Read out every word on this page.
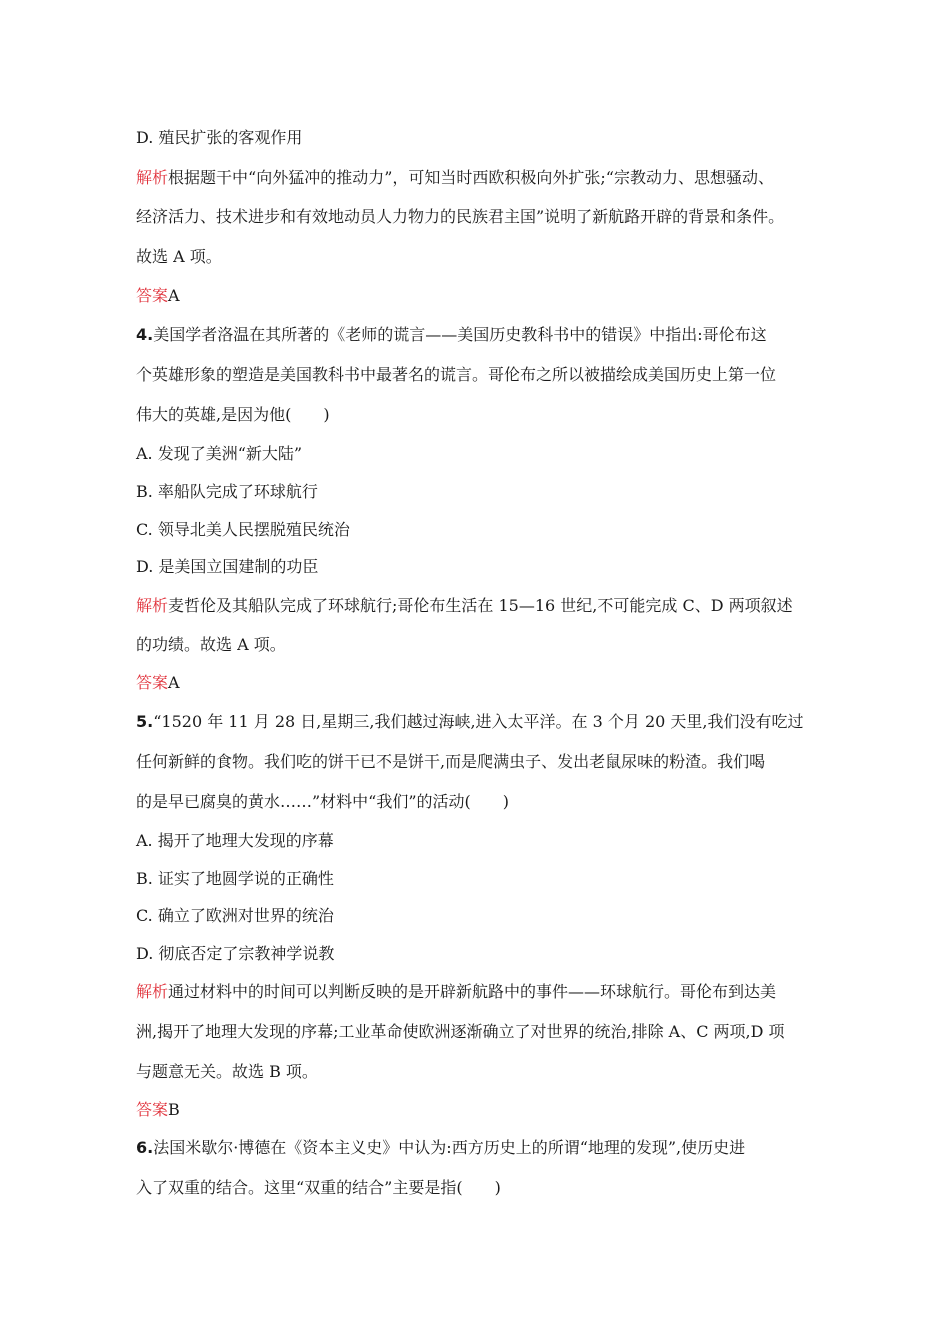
D. 殖民扩张的客观作用
解析根据题干中“向外猛冲的推动力”，可知当时西欧积极向外扩张;“宗教动力、思想骚动、
经济活力、技术进步和有效地动员人力物力的民族君主国”说明了新航路开辟的背景和条件。
故选 A 项。
答案A
4.美国学者洛温在其所著的《老师的谎言——美国历史教科书中的错误》中指出:哥伦布这
个英雄形象的塑造是美国教科书中最著名的谎言。哥伦布之所以被描绘成美国历史上第一位
伟大的英雄,是因为他(　　)
A. 发现了美洲“新大陆”
B. 率船队完成了环球航行
C. 领导北美人民摆脱殖民统治
D. 是美国立国建制的功臣
解析麦哲伦及其船队完成了环球航行;哥伦布生活在 15—16 世纪,不可能完成 C、D 两项叙述
的功绩。故选 A 项。
答案A
5.“1520 年 11 月 28 日,星期三,我们越过海峡,进入太平洋。在 3 个月 20 天里,我们没有吃过
任何新鲜的食物。我们吃的饼干已不是饼干,而是爬满虫子、发出老鼠尿味的粉渣。我们喝
的是早已腐臭的黄水……”材料中“我们”的活动(　　)
A. 揭开了地理大发现的序幕
B. 证实了地圆学说的正确性
C. 确立了欧洲对世界的统治
D. 彻底否定了宗教神学说教
解析通过材料中的时间可以判断反映的是开辟新航路中的事件——环球航行。哥伦布到达美
洲,揭开了地理大发现的序幕;工业革命使欧洲逐渐确立了对世界的统治,排除 A、C 两项,D 项
与题意无关。故选 B 项。
答案B
6.法国米歇尔·博德在《资本主义史》中认为:西方历史上的所谓“地理的发现”,使历史进
入了双重的结合。这里“双重的结合”主要是指(　　)
